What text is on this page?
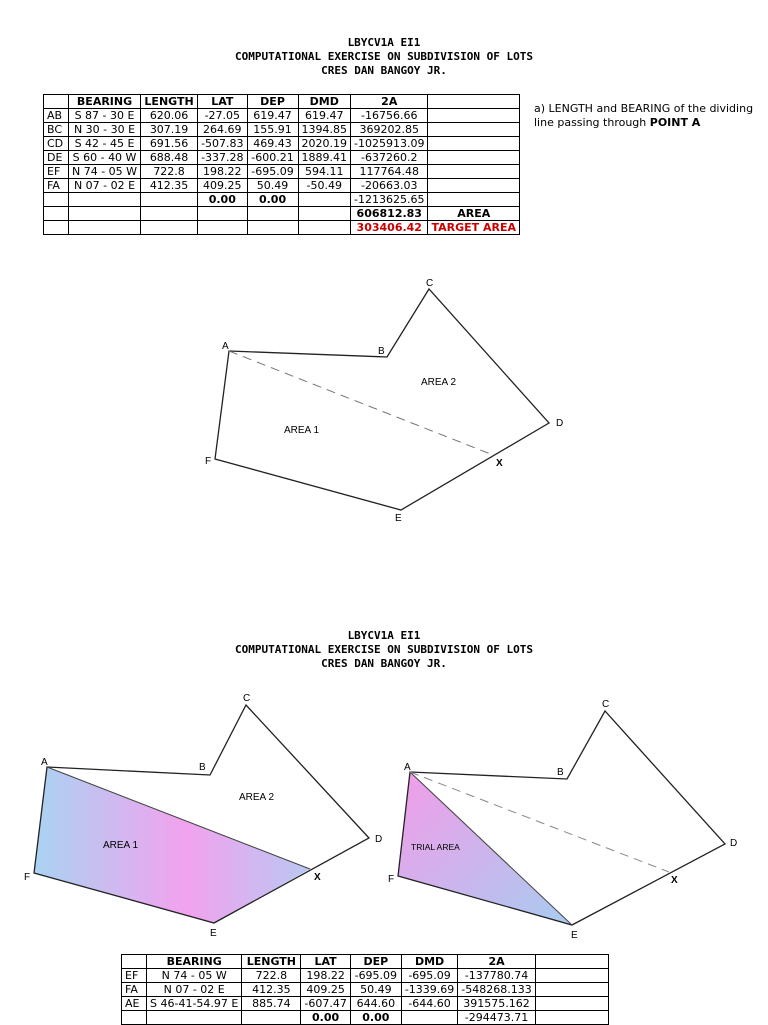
LBYCV1A EI1
COMPUTATIONAL EXERCISE ON SUBDIVISION OF LOTS
CRES DAN BANGOY JR.
	BEARING	LENGTH	LAT	DEP	DMD	2A	
AB	S 87 - 30 E	620.06	-27.05	619.47	619.47	-16756.66	
BC	N 30 - 30 E	307.19	264.69	155.91	1394.85	369202.85	
CD	S 42 - 45 E	691.56	-507.83	469.43	2020.19	-1025913.09	
DE	S 60 - 40 W	688.48	-337.28	-600.21	1889.41	-637260.2	
EF	N 74 - 05 W	722.8	198.22	-695.09	594.11	117764.48	
FA	N 07 - 02 E	412.35	409.25	50.49	-50.49	-20663.03	
			0.00	0.00		-1213625.65	
						606812.83	AREA
						303406.42	TARGET AREA
a) LENGTH and BEARING of the dividing line passing through POINT A
A	B
C
D
E
F	X
AREA 1
AREA 2
LBYCV1A EI1
COMPUTATIONAL EXERCISE ON SUBDIVISION OF LOTS
CRES DAN BANGOY JR.
A	B
C
D
E
F	X
AREA 1
AREA 2
A	B
C
D
E
F	X
TRIAL AREA
	BEARING	LENGTH	LAT	DEP	DMD	2A	
EF	N 74 - 05 W	722.8	198.22	-695.09	-695.09	-137780.74	
FA	N 07 - 02 E	412.35	409.25	50.49	-1339.69	-548268.133	
AE	S 46-41-54.97 E	885.74	-607.47	644.60	-644.60	391575.162	
			0.00	0.00		-294473.71	
